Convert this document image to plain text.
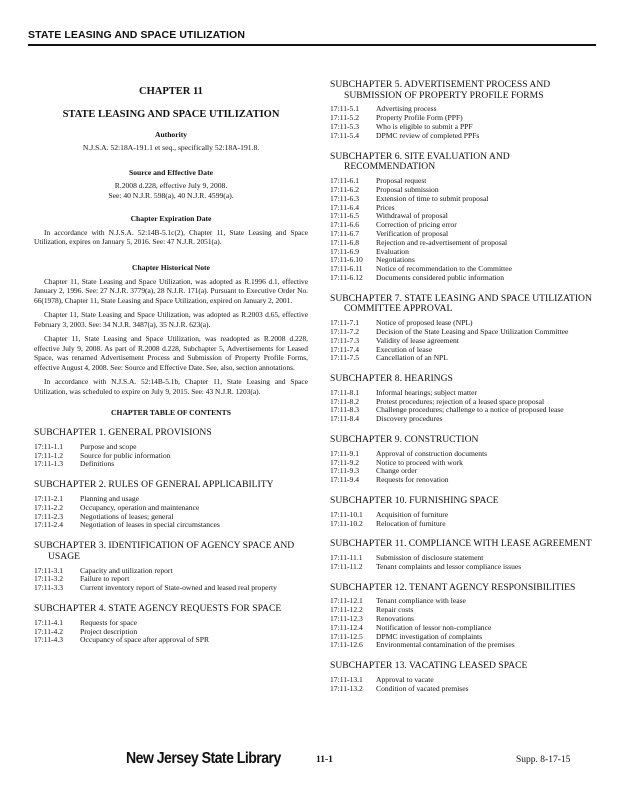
STATE LEASING AND SPACE UTILIZATION
CHAPTER 11
STATE LEASING AND SPACE UTILIZATION
Authority
N.J.S.A. 52:18A-191.1 et seq., specifically 52:18A-191.8.
Source and Effective Date
R.2008 d.228, effective July 9, 2008.
See: 40 N.J.R. 598(a), 40 N.J.R. 4599(a).
Chapter Expiration Date
In accordance with N.J.S.A. 52:14B-5.1c(2), Chapter 11, State Leasing and Space Utilization, expires on January 5, 2016. See: 47 N.J.R. 2051(a).
Chapter Historical Note
Chapter 11, State Leasing and Space Utilization, was adopted as R.1996 d.1, effective January 2, 1996. See: 27 N.J.R. 3779(a), 28 N.J.R. 171(a). Pursuant to Executive Order No. 66(1978), Chapter 11, State Leasing and Space Utilization, expired on January 2, 2001.
Chapter 11, State Leasing and Space Utilization, was adopted as R.2003 d.65, effective February 3, 2003. See: 34 N.J.R. 3487(a), 35 N.J.R. 623(a).
Chapter 11, State Leasing and Space Utilization, was readopted as R.2008 d.228, effective July 9, 2008. As part of R.2008 d.228, Subchapter 5, Advertisements for Leased Space, was renamed Advertisement Process and Submission of Property Profile Forms, effective August 4, 2008. See: Source and Effective Date. See, also, section annotations.
In accordance with N.J.S.A. 52:14B-5.1b, Chapter 11, State Leasing and Space Utilization, was scheduled to expire on July 9, 2015. See: 43 N.J.R. 1203(a).
CHAPTER TABLE OF CONTENTS
SUBCHAPTER 1. GENERAL PROVISIONS
17:11-1.1	Purpose and scope
17:11-1.2	Source for public information
17:11-1.3	Definitions
SUBCHAPTER 2. RULES OF GENERAL APPLICABILITY
17:11-2.1	Planning and usage
17:11-2.2	Occupancy, operation and maintenance
17:11-2.3	Negotiations of leases; general
17:11-2.4	Negotiation of leases in special circumstances
SUBCHAPTER 3. IDENTIFICATION OF AGENCY SPACE AND USAGE
17:11-3.1	Capacity and utilization report
17:11-3.2	Failure to report
17:11-3.3	Current inventory report of State-owned and leased real property
SUBCHAPTER 4. STATE AGENCY REQUESTS FOR SPACE
17:11-4.1	Requests for space
17:11-4.2	Project description
17:11-4.3	Occupancy of space after approval of SPR
SUBCHAPTER 5. ADVERTISEMENT PROCESS AND SUBMISSION OF PROPERTY PROFILE FORMS
17:11-5.1	Advertising process
17:11-5.2	Property Profile Form (PPF)
17:11-5.3	Who is eligible to submit a PPF
17:11-5.4	DPMC review of completed PPFs
SUBCHAPTER 6. SITE EVALUATION AND RECOMMENDATION
17:11-6.1	Proposal request
17:11-6.2	Proposal submission
17:11-6.3	Extension of time to submit proposal
17:11-6.4	Prices
17:11-6.5	Withdrawal of proposal
17:11-6.6	Correction of pricing error
17:11-6.7	Verification of proposal
17:11-6.8	Rejection and re-advertisement of proposal
17:11-6.9	Evaluation
17:11-6.10	Negotiations
17:11-6.11	Notice of recommendation to the Committee
17:11-6.12	Documents considered public information
SUBCHAPTER 7. STATE LEASING AND SPACE UTILIZATION COMMITTEE APPROVAL
17:11-7.1	Notice of proposed lease (NPL)
17:11-7.2	Decision of the State Leasing and Space Utilization Committee
17:11-7.3	Validity of lease agreement
17:11-7.4	Execution of lease
17:11-7.5	Cancellation of an NPL
SUBCHAPTER 8. HEARINGS
17:11-8.1	Informal hearings; subject matter
17:11-8.2	Protest procedures; rejection of a leased space proposal
17:11-8.3	Challenge procedures; challenge to a notice of proposed lease
17:11-8.4	Discovery procedures
SUBCHAPTER 9. CONSTRUCTION
17:11-9.1	Approval of construction documents
17:11-9.2	Notice to proceed with work
17:11-9.3	Change order
17:11-9.4	Requests for renovation
SUBCHAPTER 10. FURNISHING SPACE
17:11-10.1	Acquisition of furniture
17:11-10.2	Relocation of furniture
SUBCHAPTER 11. COMPLIANCE WITH LEASE AGREEMENT
17:11-11.1	Submission of disclosure statement
17:11-11.2	Tenant complaints and lessor compliance issues
SUBCHAPTER 12. TENANT AGENCY RESPONSIBILITIES
17:11-12.1	Tenant compliance with lease
17:11-12.2	Repair costs
17:11-12.3	Renovations
17:11-12.4	Notification of lessor non-compliance
17:11-12.5	DPMC investigation of complaints
17:11-12.6	Environmental contamination of the premises
SUBCHAPTER 13. VACATING LEASED SPACE
17:11-13.1	Approval to vacate
17:11-13.2	Condition of vacated premises
New Jersey State Library	11-1	Supp. 8-17-15
